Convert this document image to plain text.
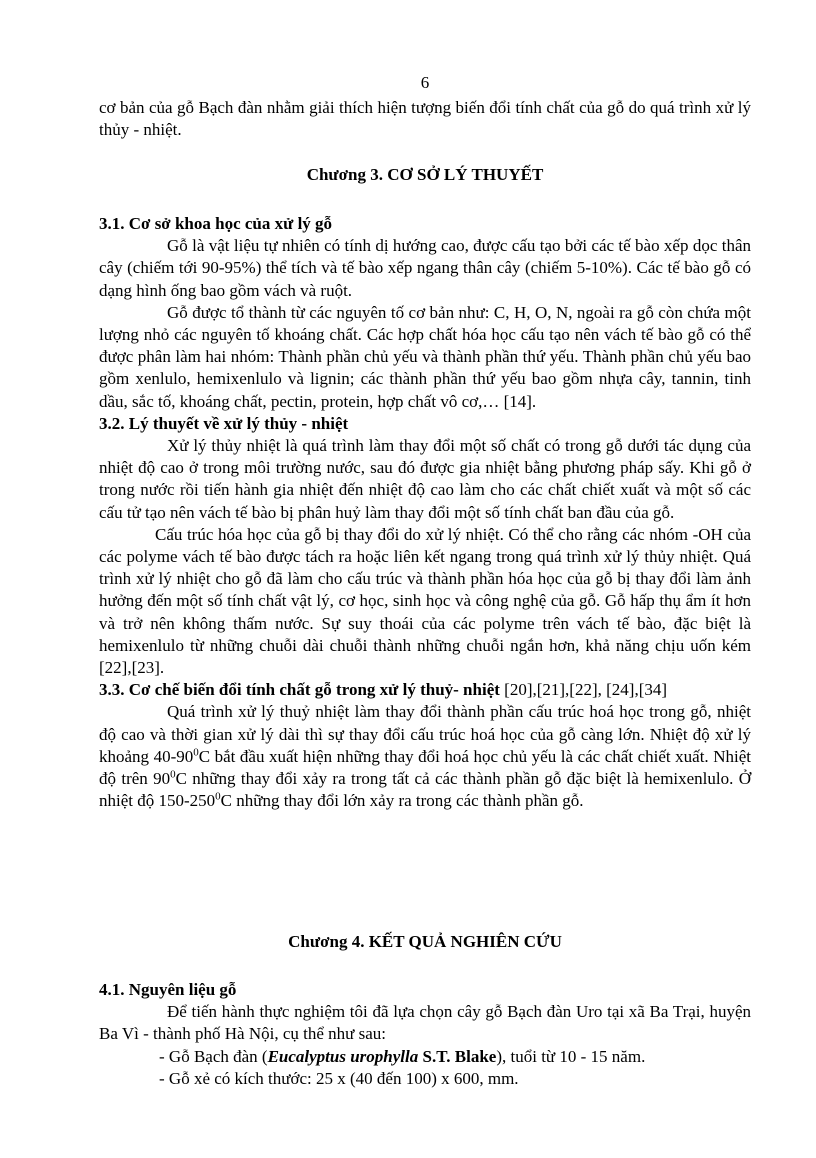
6

cơ bản của gỗ Bạch đàn nhằm giải thích hiện tượng biến đổi tính chất của gỗ do quá trình xử lý thủy - nhiệt.

Chương 3. CƠ SỞ LÝ THUYẾT

3.1. Cơ sở khoa học của xử lý gỗ

Gỗ là vật liệu tự nhiên có tính dị hướng cao, được cấu tạo bởi các tế bào xếp dọc thân cây (chiếm tới 90-95%) thể tích và tế bào xếp ngang thân cây (chiếm 5-10%). Các tế bào gỗ có dạng hình ống bao gồm vách và ruột.

Gỗ được tổ thành từ các nguyên tố cơ bản như: C, H, O, N, ngoài ra gỗ còn chứa một lượng nhỏ các nguyên tố khoáng chất. Các hợp chất hóa học cấu tạo nên vách tế bào gỗ có thể được phân làm hai nhóm: Thành phần chủ yếu và thành phần thứ yếu. Thành phần chủ yếu bao gồm xenlulo, hemixenlulo và lignin; các thành phần thứ yếu bao gồm nhựa cây, tannin, tinh dầu, sắc tố, khoáng chất, pectin, protein, hợp chất vô cơ,… [14].

3.2. Lý thuyết về xử lý thủy - nhiệt

Xử lý thủy nhiệt là quá trình làm thay đổi một số chất có trong gỗ dưới tác dụng của nhiệt độ cao ở trong môi trường nước, sau đó được gia nhiệt bằng phương pháp sấy. Khi gỗ ở trong nước rồi tiến hành gia nhiệt đến nhiệt độ cao làm cho các chất chiết xuất và một số các cấu tử tạo nên vách tế bào bị phân huỷ làm thay đổi một số tính chất ban đầu của gỗ.

Cấu trúc hóa học của gỗ bị thay đổi do xử lý nhiệt. Có thể cho rằng các nhóm -OH của các polyme vách tế bào được tách ra hoặc liên kết ngang trong quá trình xử lý thủy nhiệt. Quá trình xử lý nhiệt cho gỗ đã làm cho cấu trúc và thành phần hóa học của gỗ bị thay đổi làm ảnh hưởng đến một số tính chất vật lý, cơ học, sinh học và công nghệ của gỗ. Gỗ hấp thụ ẩm ít hơn và trở nên không thấm nước. Sự suy thoái của các polyme trên vách tế bào, đặc biệt là hemixenlulo từ những chuỗi dài chuỗi thành những chuỗi ngắn hơn, khả năng chịu uốn kém [22],[23].

3.3. Cơ chế biến đổi tính chất gỗ trong xử lý thuỷ- nhiệt [20],[21],[22], [24],[34]

Quá trình xử lý thuỷ nhiệt làm thay đổi thành phần cấu trúc hoá học trong gỗ, nhiệt độ cao và thời gian xử lý dài thì sự thay đổi cấu trúc hoá học của gỗ càng lớn. Nhiệt độ xử lý khoảng $40-90^0C$ bắt đầu xuất hiện những thay đổi hoá học chủ yếu là các chất chiết xuất. Nhiệt độ trên $90^0C$ những thay đổi xảy ra trong tất cả các thành phần gỗ đặc biệt là hemixenlulo. Ở nhiệt độ $150-250^0C$ những thay đổi lớn xảy ra trong các thành phần gỗ.

Chương 4. KẾT QUẢ NGHIÊN CỨU

4.1. Nguyên liệu gỗ

Để tiến hành thực nghiệm tôi đã lựa chọn cây gỗ Bạch đàn Uro tại xã Ba Trại, huyện Ba Vì - thành phố Hà Nội, cụ thể như sau:

- Gỗ Bạch đàn (Eucalyptus urophylla S.T. Blake), tuổi từ 10 - 15 năm.

- Gỗ xẻ có kích thước: 25 x (40 đến 100) x 600, mm.
